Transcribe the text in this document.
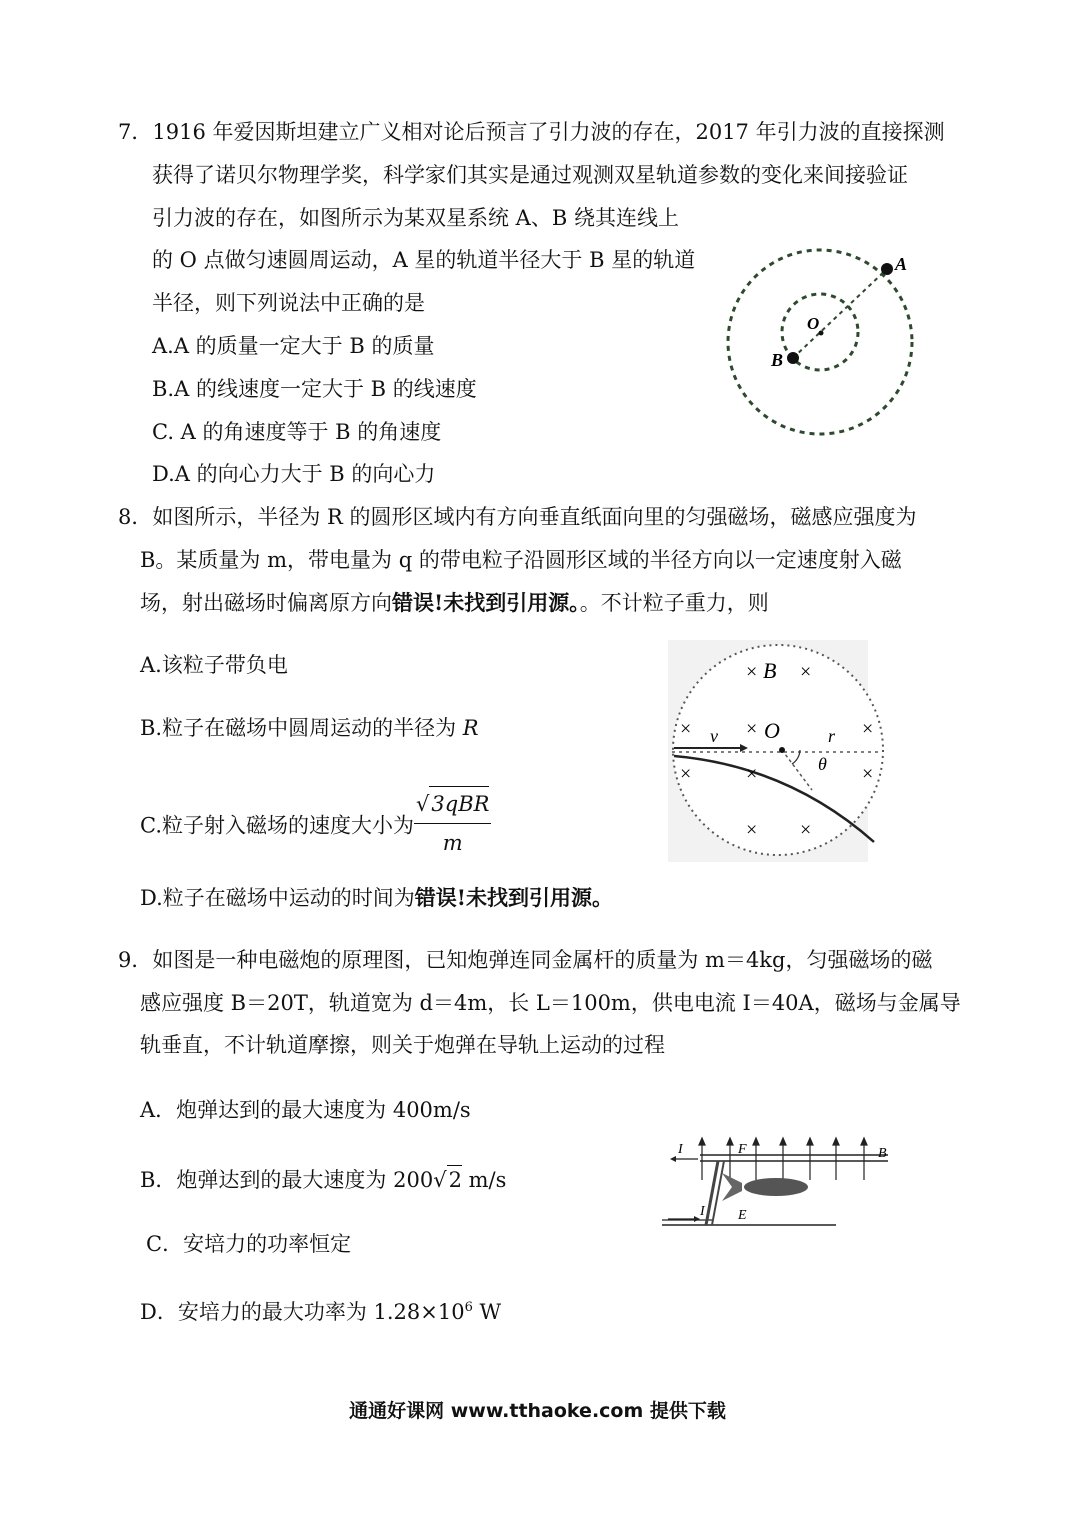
7．1916 年爱因斯坦建立广义相对论后预言了引力波的存在，2017 年引力波的直接探测
获得了诺贝尔物理学奖，科学家们其实是通过观测双星轨道参数的变化来间接验证
引力波的存在，如图所示为某双星系统 A、B 绕其连线上
的 O 点做匀速圆周运动，A 星的轨道半径大于 B 星的轨道
半径，则下列说法中正确的是
A.A 的质量一定大于 B 的质量
B.A 的线速度一定大于 B 的线速度
C. A 的角速度等于 B 的角速度
D.A 的向心力大于 B 的向心力
A
B
O
8．如图所示，半径为 R 的圆形区域内有方向垂直纸面向里的匀强磁场，磁感应强度为
B。某质量为 m，带电量为 q 的带电粒子沿圆形区域的半径方向以一定速度射入磁
场，射出磁场时偏离原方向错误!未找到引用源。。不计粒子重力，则
A.该粒子带负电
B.粒子在磁场中圆周运动的半径为 R
C.粒子射入磁场的速度大小为 $\frac{\text{√3qBR}}{m}$
D.粒子在磁场中运动的时间为错误!未找到引用源。
B
O
v	r
θ
× ×
×	×	×
×	×	×
× ×
9．如图是一种电磁炮的原理图，已知炮弹连同金属杆的质量为 m＝4kg，匀强磁场的磁
感应强度 B＝20T，轨道宽为 d＝4m，长 L＝100m，供电电流 I＝40A，磁场与金属导
轨垂直，不计轨道摩擦，则关于炮弹在导轨上运动的过程
A．炮弹达到的最大速度为 400m/s
B．炮弹达到的最大速度为 200√2 m/s
C．安培力的功率恒定
D．安培力的最大功率为 $1.28\times 10^6$ W
I	F	B
I E
通通好课网 www.tthaoke.com 提供下载
